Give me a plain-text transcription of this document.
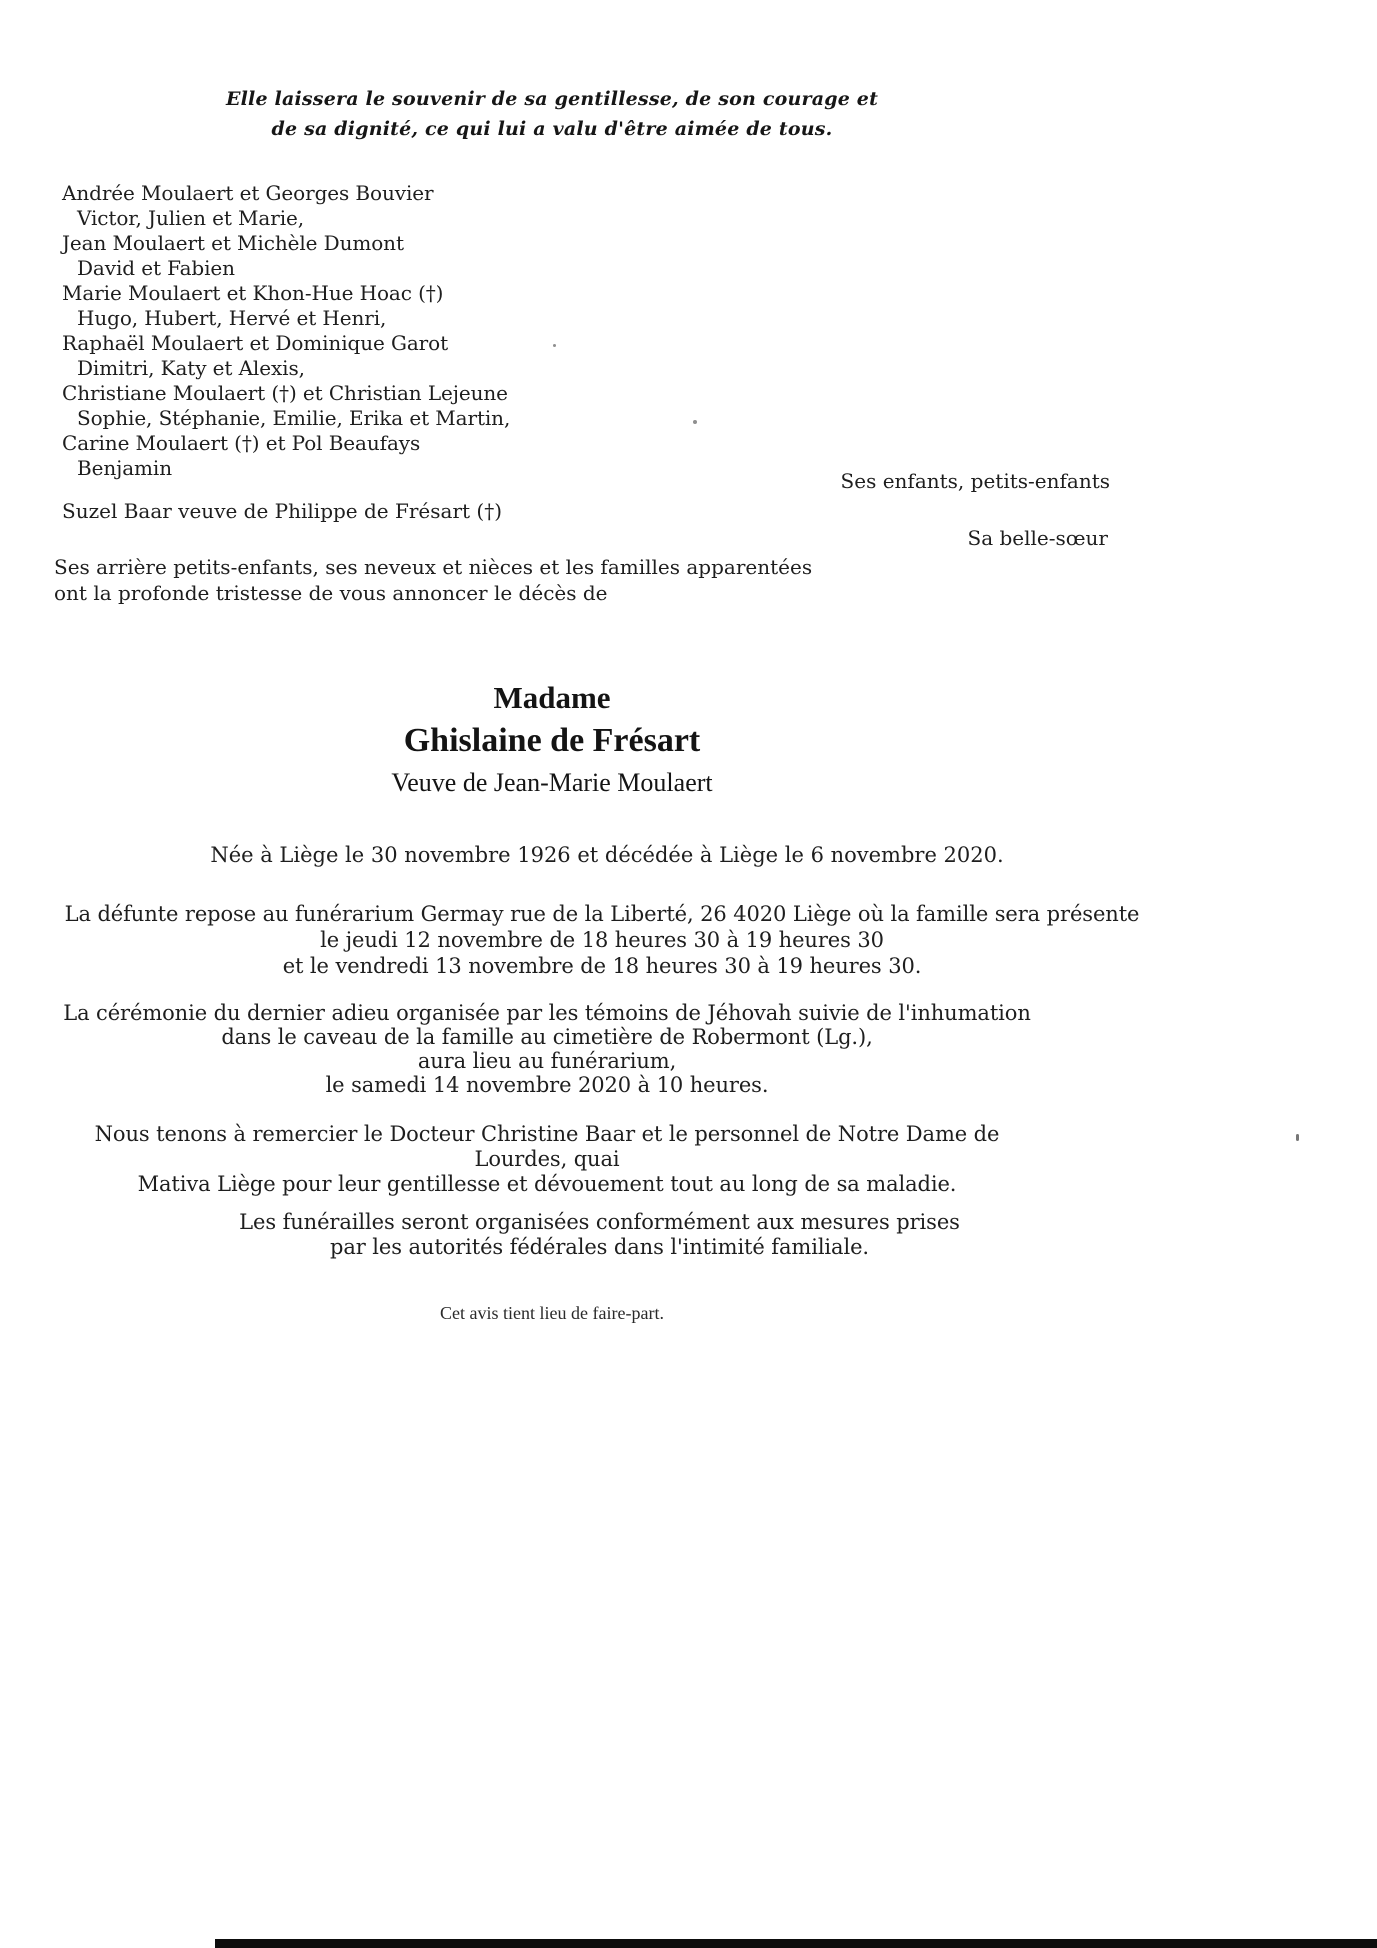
Elle laissera le souvenir de sa gentillesse, de son courage et
de sa dignité, ce qui lui a valu d'être aimée de tous.
Andrée Moulaert et Georges Bouvier
Victor, Julien et Marie,
Jean Moulaert et Michèle Dumont
David et Fabien
Marie Moulaert et Khon-Hue Hoac (†)
Hugo, Hubert, Hervé et Henri,
Raphaël Moulaert et Dominique Garot
Dimitri, Katy et Alexis,
Christiane Moulaert (†) et Christian Lejeune
Sophie, Stéphanie, Emilie, Erika et Martin,
Carine Moulaert (†) et Pol Beaufays
Benjamin
Ses enfants, petits-enfants
Suzel Baar veuve de Philippe de Frésart (†)
Sa belle-sœur
Ses arrière petits-enfants, ses neveux et nièces et les familles apparentées
ont la profonde tristesse de vous annoncer le décès de
Madame
Ghislaine de Frésart
Veuve de Jean-Marie Moulaert
Née à Liège le 30 novembre 1926 et décédée à Liège le 6 novembre 2020.
La défunte repose au funérarium Germay rue de la Liberté, 26 4020 Liège où la famille sera présente
le jeudi 12 novembre de 18 heures 30 à 19 heures 30
et le vendredi 13 novembre de 18 heures 30 à 19 heures 30.
La cérémonie du dernier adieu organisée par les témoins de Jéhovah suivie de l'inhumation
dans le caveau de la famille au cimetière de Robermont (Lg.),
aura lieu au funérarium,
le samedi 14 novembre 2020 à 10 heures.
Nous tenons à remercier le Docteur Christine Baar et le personnel de Notre Dame de Lourdes, quai
Mativa Liège pour leur gentillesse et dévouement tout au long de sa maladie.
Les funérailles seront organisées conformément aux mesures prises
par les autorités fédérales dans l'intimité familiale.
Cet avis tient lieu de faire-part.
